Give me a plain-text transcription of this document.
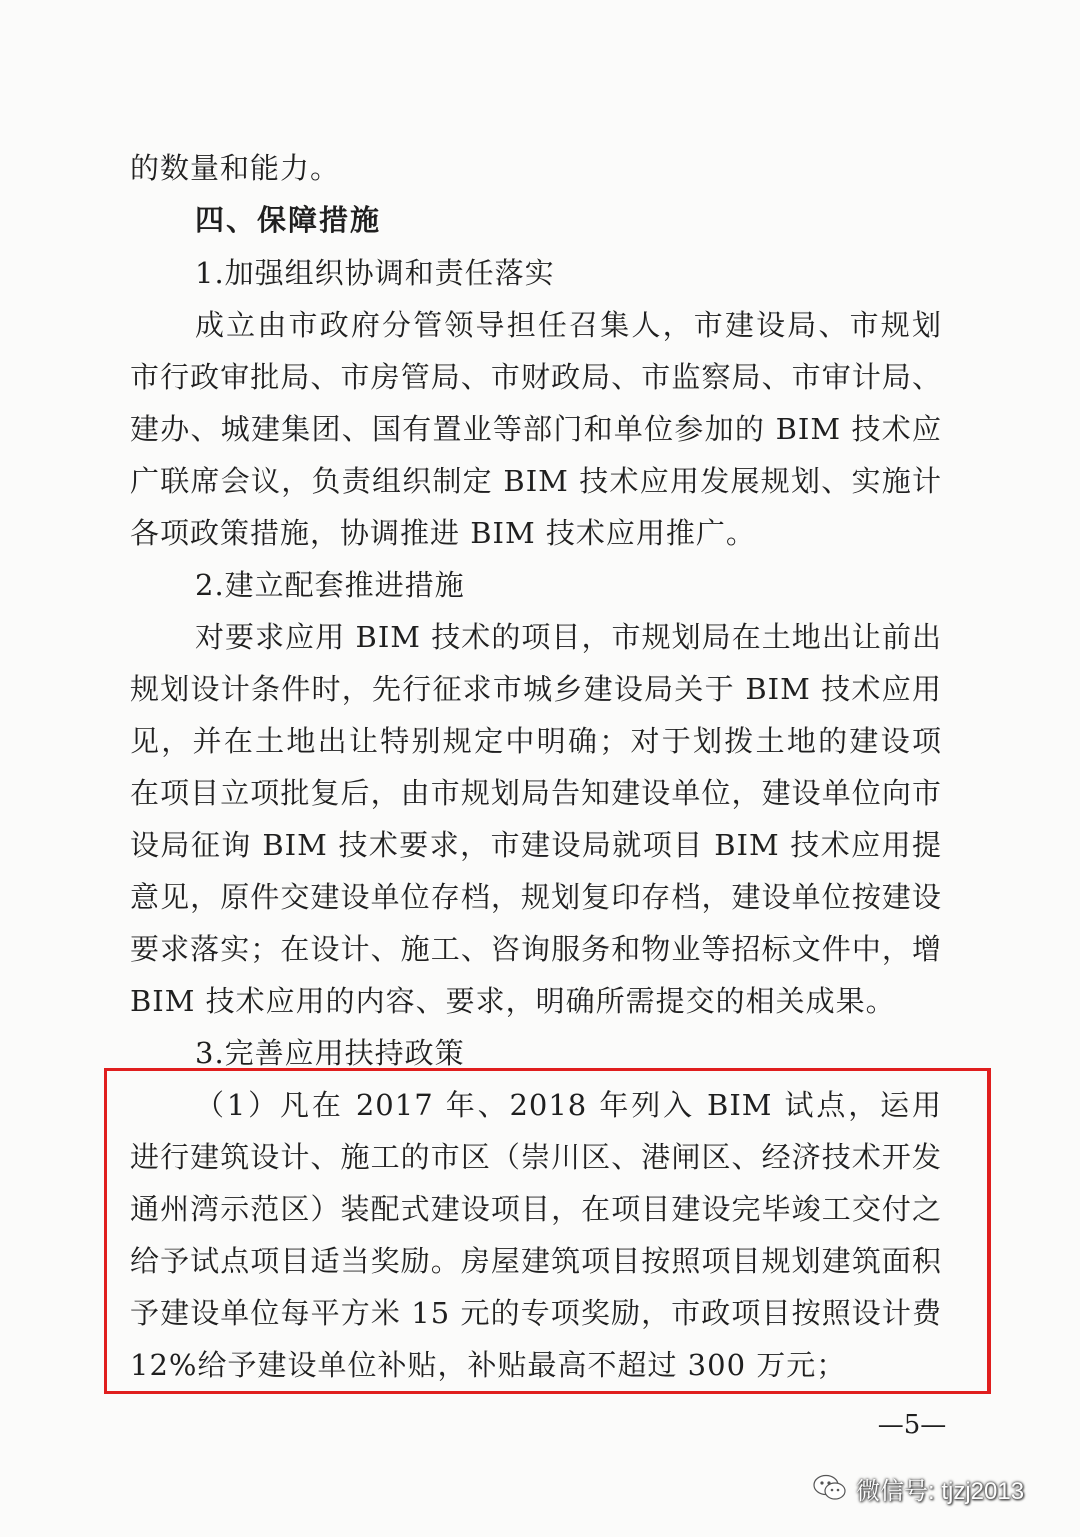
的数量和能力。
四、保障措施
1.加强组织协调和责任落实
成立由市政府分管领导担任召集人，市建设局、市规划
市行政审批局、市房管局、市财政局、市监察局、市审计局、
建办、城建集团、国有置业等部门和单位参加的 BIM 技术应
广联席会议，负责组织制定 BIM 技术应用发展规划、实施计
各项政策措施，协调推进 BIM 技术应用推广。
2.建立配套推进措施
对要求应用 BIM 技术的项目，市规划局在土地出让前出
规划设计条件时，先行征求市城乡建设局关于 BIM 技术应用
见，并在土地出让特别规定中明确；对于划拨土地的建设项
在项目立项批复后，由市规划局告知建设单位，建设单位向市
设局征询 BIM 技术要求，市建设局就项目 BIM 技术应用提
意见，原件交建设单位存档，规划复印存档，建设单位按建设
要求落实；在设计、施工、咨询服务和物业等招标文件中，增
BIM 技术应用的内容、要求，明确所需提交的相关成果。
3.完善应用扶持政策
（1）凡在 2017 年、2018 年列入 BIM 试点，运用
进行建筑设计、施工的市区（崇川区、港闸区、经济技术开发
通州湾示范区）装配式建设项目，在项目建设完毕竣工交付之
给予试点项目适当奖励。房屋建筑项目按照项目规划建筑面积
予建设单位每平方米 15 元的专项奖励，市政项目按照设计费
12%给予建设单位补贴，补贴最高不超过 300 万元；
—5—
微信号: tjzj2013
